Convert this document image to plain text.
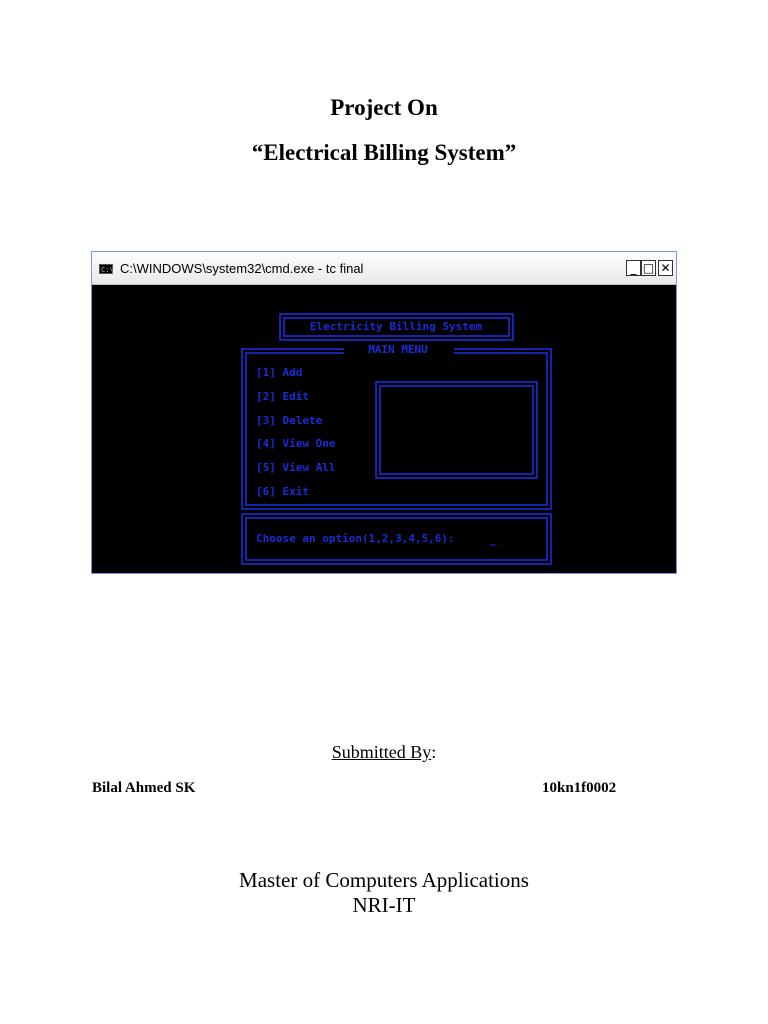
Project On
“Electrical Billing System”
C:\ C:\WINDOWS\system32\cmd.exe - tc final	_ □ ✕
Electricity Billing System
MAIN MENU
[1] Add
[2] Edit
[3] Delete
[4] View One
[5] View All
[6] Exit
Choose an option(1,2,3,4,5,6):	_
Submitted By:
Bilal Ahmed SK	10kn1f0002
Master of Computers Applications
NRI-IT
